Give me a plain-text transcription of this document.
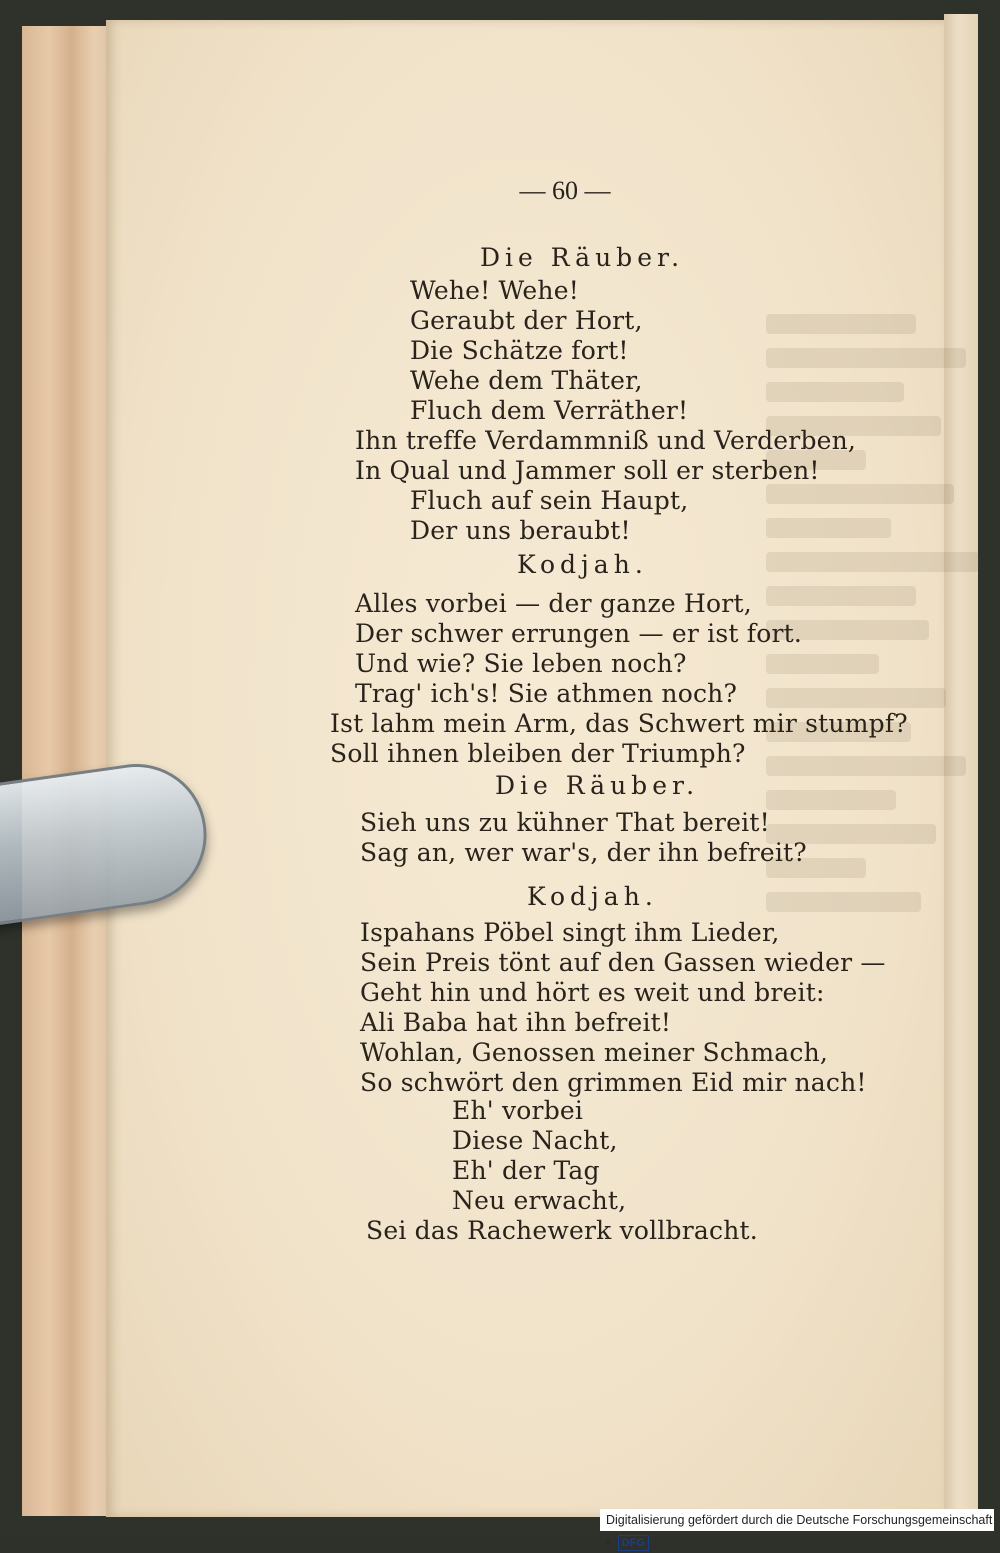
— 60 —
Die Räuber.
Wehe! Wehe!
Geraubt der Hort,
Die Schätze fort!
Wehe dem Thäter,
Fluch dem Verräther!
Ihn treffe Verdammniß und Verderben,
In Qual und Jammer soll er sterben!
Fluch auf sein Haupt,
Der uns beraubt!
Kodjah.
Alles vorbei — der ganze Hort,
Der schwer errungen — er ist fort.
Und wie? Sie leben noch?
Trag' ich's! Sie athmen noch?
Ist lahm mein Arm, das Schwert mir stumpf?
Soll ihnen bleiben der Triumph?
Die Räuber.
Sieh uns zu kühner That bereit!
Sag an, wer war's, der ihn befreit?
Kodjah.
Ispahans Pöbel singt ihm Lieder,
Sein Preis tönt auf den Gassen wieder —
Geht hin und hört es weit und breit:
Ali Baba hat ihn befreit!
Wohlan, Genossen meiner Schmach,
So schwört den grimmen Eid mir nach!
Eh' vorbei
Diese Nacht,
Eh' der Tag
Neu erwacht,
Sei das Rachewerk vollbracht.
Digitalisierung gefördert durch die Deutsche Forschungsgemeinschaft - DFG
